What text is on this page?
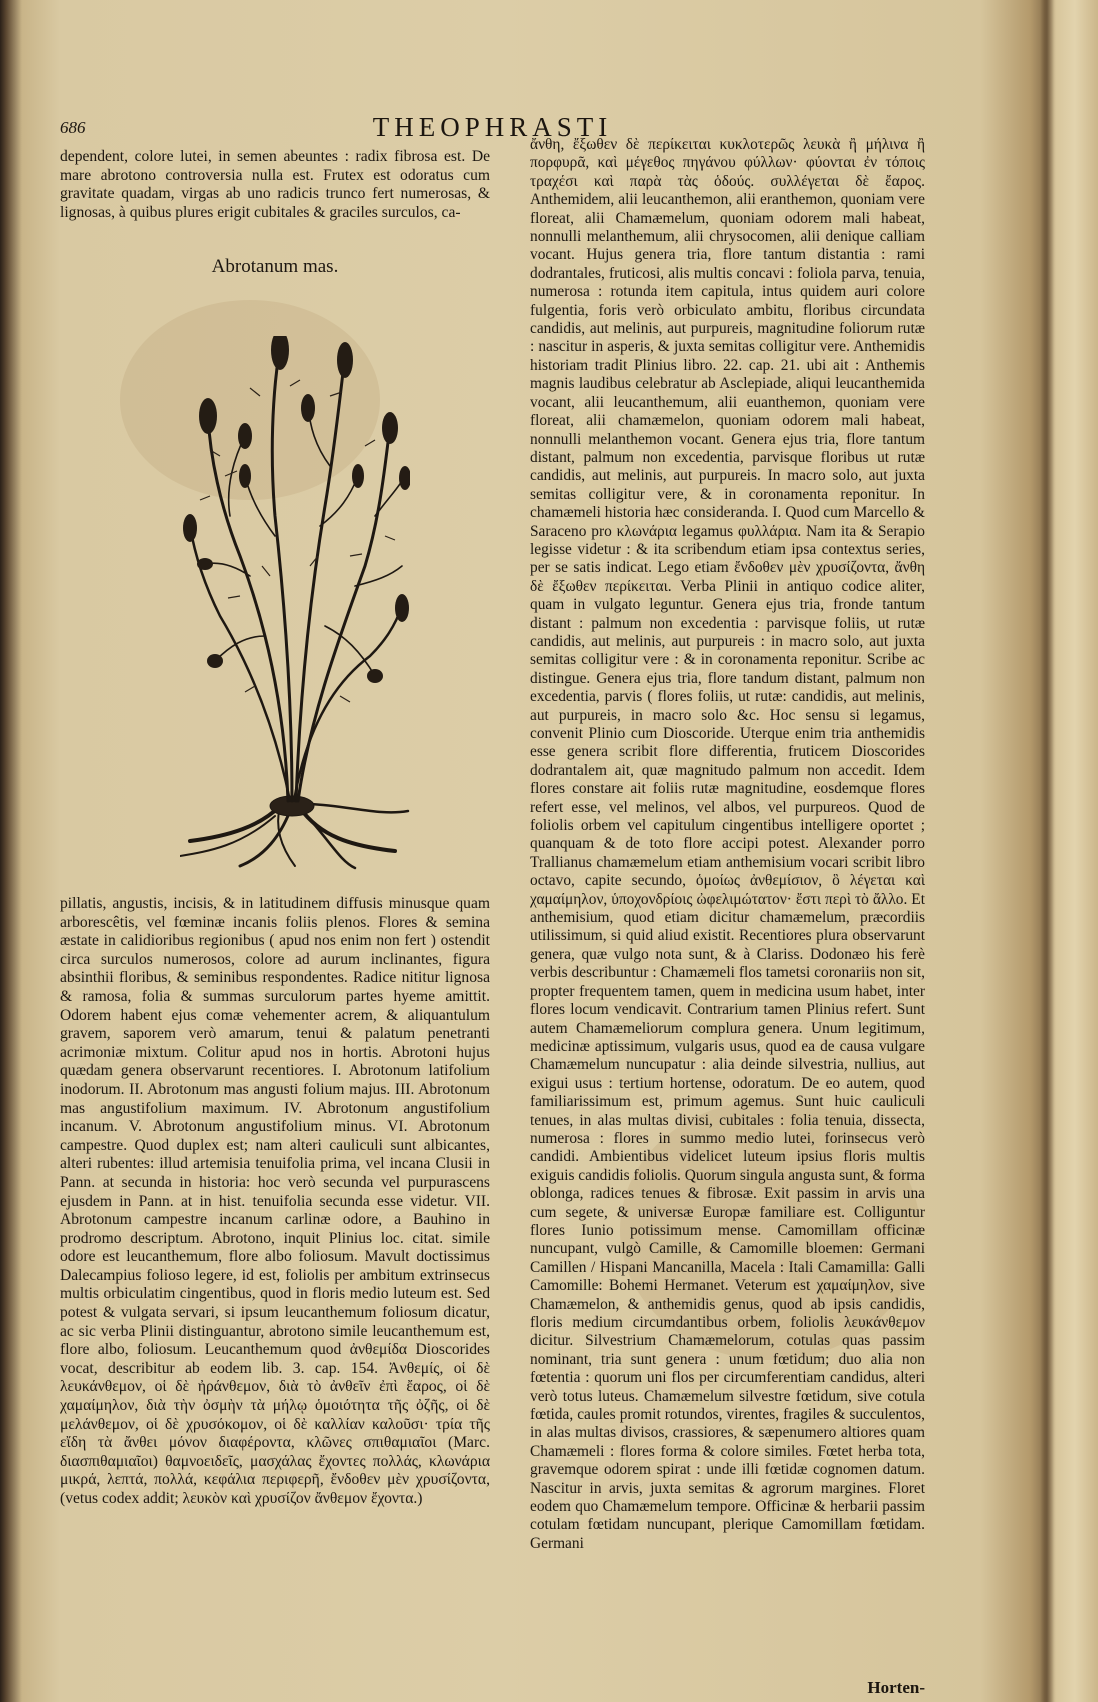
686	THEOPHRASTI

dependent, colore lutei, in semen abeuntes : radix fibrosa est. De mare abrotono controversia nulla est. Frutex est odoratus cum gravitate quadam, virgas ab uno radicis trunco fert numerosas, & lignosas, à quibus plures erigit cubitales & graciles surculos, ca-

Abrotanum mas.

pillatis, angustis, incisis, & in latitudinem diffusis minusque quam arborescêtis, vel fœminæ incanis foliis plenos. Flores & semina æstate in calidioribus regionibus ( apud nos enim non fert ) ostendit circa surculos numerosos, colore ad aurum inclinantes, figura absinthii floribus, & seminibus respondentes. Radice nititur lignosa & ramosa, folia & summas surculorum partes hyeme amittit. Odorem habent ejus comæ vehementer acrem, & aliquantulum gravem, saporem verò amarum, tenui & palatum penetranti acrimoniæ mixtum. Colitur apud nos in hortis. Abrotoni hujus quædam genera observarunt recentiores. I. Abrotonum latifolium inodorum. II. Abrotonum mas angusti folium majus. III. Abrotonum mas angustifolium maximum. IV. Abrotonum angustifolium incanum. V. Abrotonum angustifolium minus. VI. Abrotonum campestre. Quod duplex est; nam alteri cauliculi sunt albicantes, alteri rubentes: illud artemisia tenuifolia prima, vel incana Clusii in Pann. at secunda in historia: hoc verò secunda vel purpurascens ejusdem in Pann. at in hist. tenuifolia secunda esse videtur. VII. Abrotonum campestre incanum carlinæ odore, a Bauhino in prodromo descriptum. Abrotono, inquit Plinius loc. citat. simile odore est leucanthemum, flore albo foliosum. Mavult doctissimus Dalecampius folioso legere, id est, foliolis per ambitum extrinsecus multis orbiculatim cingentibus, quod in floris medio luteum est. Sed potest & vulgata servari, si ipsum leucanthemum foliosum dicatur, ac sic verba Plinii distinguantur, abrotono simile leucanthemum est, flore albo, foliosum. Leucanthemum quod ἀνθεμίδα Dioscorides vocat, describitur ab eodem lib. 3. cap. 154. Ἀνθεμίς, οἱ δὲ λευκάνθεμον, οἱ δὲ ἠράνθεμον, διὰ τὸ ἀνθεῖν ἐπὶ ἔαρος, οἱ δὲ χαμαίμηλον, διὰ τὴν ὀσμὴν τὰ μήλῳ ὁμοιότητα τῆς ὀζῆς, οἱ δὲ μελάνθεμον, οἱ δὲ χρυσόκομον, οἱ δὲ καλλίαν καλοῦσι· τρία τῆς εἴδη τὰ ἄνθει μόνον διαφέροντα, κλῶνες σπιθαμιαῖοι (Marc. διασπιθαμιαῖοι) θαμνοειδεῖς, μασχάλας ἔχοντες πολλάς, κλωνάρια μικρά, λεπτά, πολλά, κεφάλια περιφερῆ, ἔνδοθεν μὲν χρυσίζοντα, (vetus codex addit; λευκὸν καὶ χρυσίζον ἄνθεμον ἔχοντα.)

ἄνθη, ἔξωθεν δὲ περίκειται κυκλοτερῶς λευκὰ ἢ μήλινα ἢ πορφυρᾶ, καὶ μέγεθος πηγάνου φύλλων· φύονται ἐν τόποις τραχέσι καὶ παρὰ τὰς ὁδούς. συλλέγεται δὲ ἔαρος. Anthemidem, alii leucanthemon, alii eranthemon, quoniam vere floreat, alii Chamæmelum, quoniam odorem mali habeat, nonnulli melanthemum, alii chrysocomen, alii denique calliam vocant. Hujus genera tria, flore tantum distantia : rami dodrantales, fruticosi, alis multis concavi : foliola parva, tenuia, numerosa : rotunda item capitula, intus quidem auri colore fulgentia, foris verò orbiculato ambitu, floribus circundata candidis, aut melinis, aut purpureis, magnitudine foliorum rutæ : nascitur in asperis, & juxta semitas colligitur vere. Anthemidis historiam tradit Plinius libro. 22. cap. 21. ubi ait : Anthemis magnis laudibus celebratur ab Asclepiade, aliqui leucanthemida vocant, alii leucanthemum, alii euanthemon, quoniam vere floreat, alii chamæmelon, quoniam odorem mali habeat, nonnulli melanthemon vocant. Genera ejus tria, flore tantum distant, palmum non excedentia, parvisque floribus ut rutæ candidis, aut melinis, aut purpureis. In macro solo, aut juxta semitas colligitur vere, & in coronamenta reponitur. In chamæmeli historia hæc consideranda. I. Quod cum Marcello & Saraceno pro κλωνάρια legamus φυλλάρια. Nam ita & Serapio legisse videtur : & ita scribendum etiam ipsa contextus series, per se satis indicat. Lego etiam ἔνδοθεν μὲν χρυσίζοντα, ἄνθη δὲ ἔξωθεν περίκειται. Verba Plinii in antiquo codice aliter, quam in vulgato leguntur. Genera ejus tria, fronde tantum distant : palmum non excedentia : parvisque foliis, ut rutæ candidis, aut melinis, aut purpureis : in macro solo, aut juxta semitas colligitur vere : & in coronamenta reponitur. Scribe ac distingue. Genera ejus tria, flore tandum distant, palmum non excedentia, parvis ( flores foliis, ut rutæ: candidis, aut melinis, aut purpureis, in macro solo &c. Hoc sensu si legamus, convenit Plinio cum Dioscoride. Uterque enim tria anthemidis esse genera scribit flore differentia, fruticem Dioscorides dodrantalem ait, quæ magnitudo palmum non accedit. Idem flores constare ait foliis rutæ magnitudine, eosdemque flores refert esse, vel melinos, vel albos, vel purpureos. Quod de foliolis orbem vel capitulum cingentibus intelligere oportet ; quanquam & de toto flore accipi potest. Alexander porro Trallianus chamæmelum etiam anthemisium vocari scribit libro octavo, capite secundo, ὁμοίως ἀνθεμίσιον, ὃ λέγεται καὶ χαμαίμηλον, ὑποχονδρίοις ὠφελιμώτατον· ἔστι περὶ τὸ ἄλλο. Et anthemisium, quod etiam dicitur chamæmelum, præcordiis utilissimum, si quid aliud existit. Recentiores plura observarunt genera, quæ vulgo nota sunt, & à Clariss. Dodonæo his ferè verbis describuntur : Chamæmeli flos tametsi coronariis non sit, propter frequentem tamen, quem in medicina usum habet, inter flores locum vendicavit. Contrarium tamen Plinius refert. Sunt autem Chamæmeliorum complura genera. Unum legitimum, medicinæ aptissimum, vulgaris usus, quod ea de causa vulgare Chamæmelum nuncupatur : alia deinde silvestria, nullius, aut exigui usus : tertium hortense, odoratum. De eo autem, quod familiarissimum est, primum agemus. Sunt huic cauliculi tenues, in alas multas divisi, cubitales : folia tenuia, dissecta, numerosa : flores in summo medio lutei, forinsecus verò candidi. Ambientibus videlicet luteum ipsius floris multis exiguis candidis foliolis. Quorum singula angusta sunt, & forma oblonga, radices tenues & fibrosæ. Exit passim in arvis una cum segete, & universæ Europæ familiare est. Colliguntur flores Iunio potissimum mense. Camomillam officinæ nuncupant, vulgò Camille, & Camomille bloemen: Germani Camillen / Hispani Mancanilla, Macela : Itali Camamilla: Galli Camomille: Bohemi Hermanet. Veterum est χαμαίμηλον, sive Chamæmelon, & anthemidis genus, quod ab ipsis candidis, floris medium circumdantibus orbem, foliolis λευκάνθεμον dicitur. Silvestrium Chamæmelorum, cotulas quas passim nominant, tria sunt genera : unum fœtidum; duo alia non fœtentia : quorum uni flos per circumferentiam candidus, alteri verò totus luteus. Chamæmelum silvestre fœtidum, sive cotula fœtida, caules promit rotundos, virentes, fragiles & succulentos, in alas multas divisos, crassiores, & sæpenumero altiores quam Chamæmeli : flores forma & colore similes. Fœtet herba tota, gravemque odorem spirat : unde illi fœtidæ cognomen datum. Nascitur in arvis, juxta semitas & agrorum margines. Floret eodem quo Chamæmelum tempore. Officinæ & herbarii passim cotulam fœtidam nuncupant, plerique Camomillam fœtidam. Germani

Horten-
